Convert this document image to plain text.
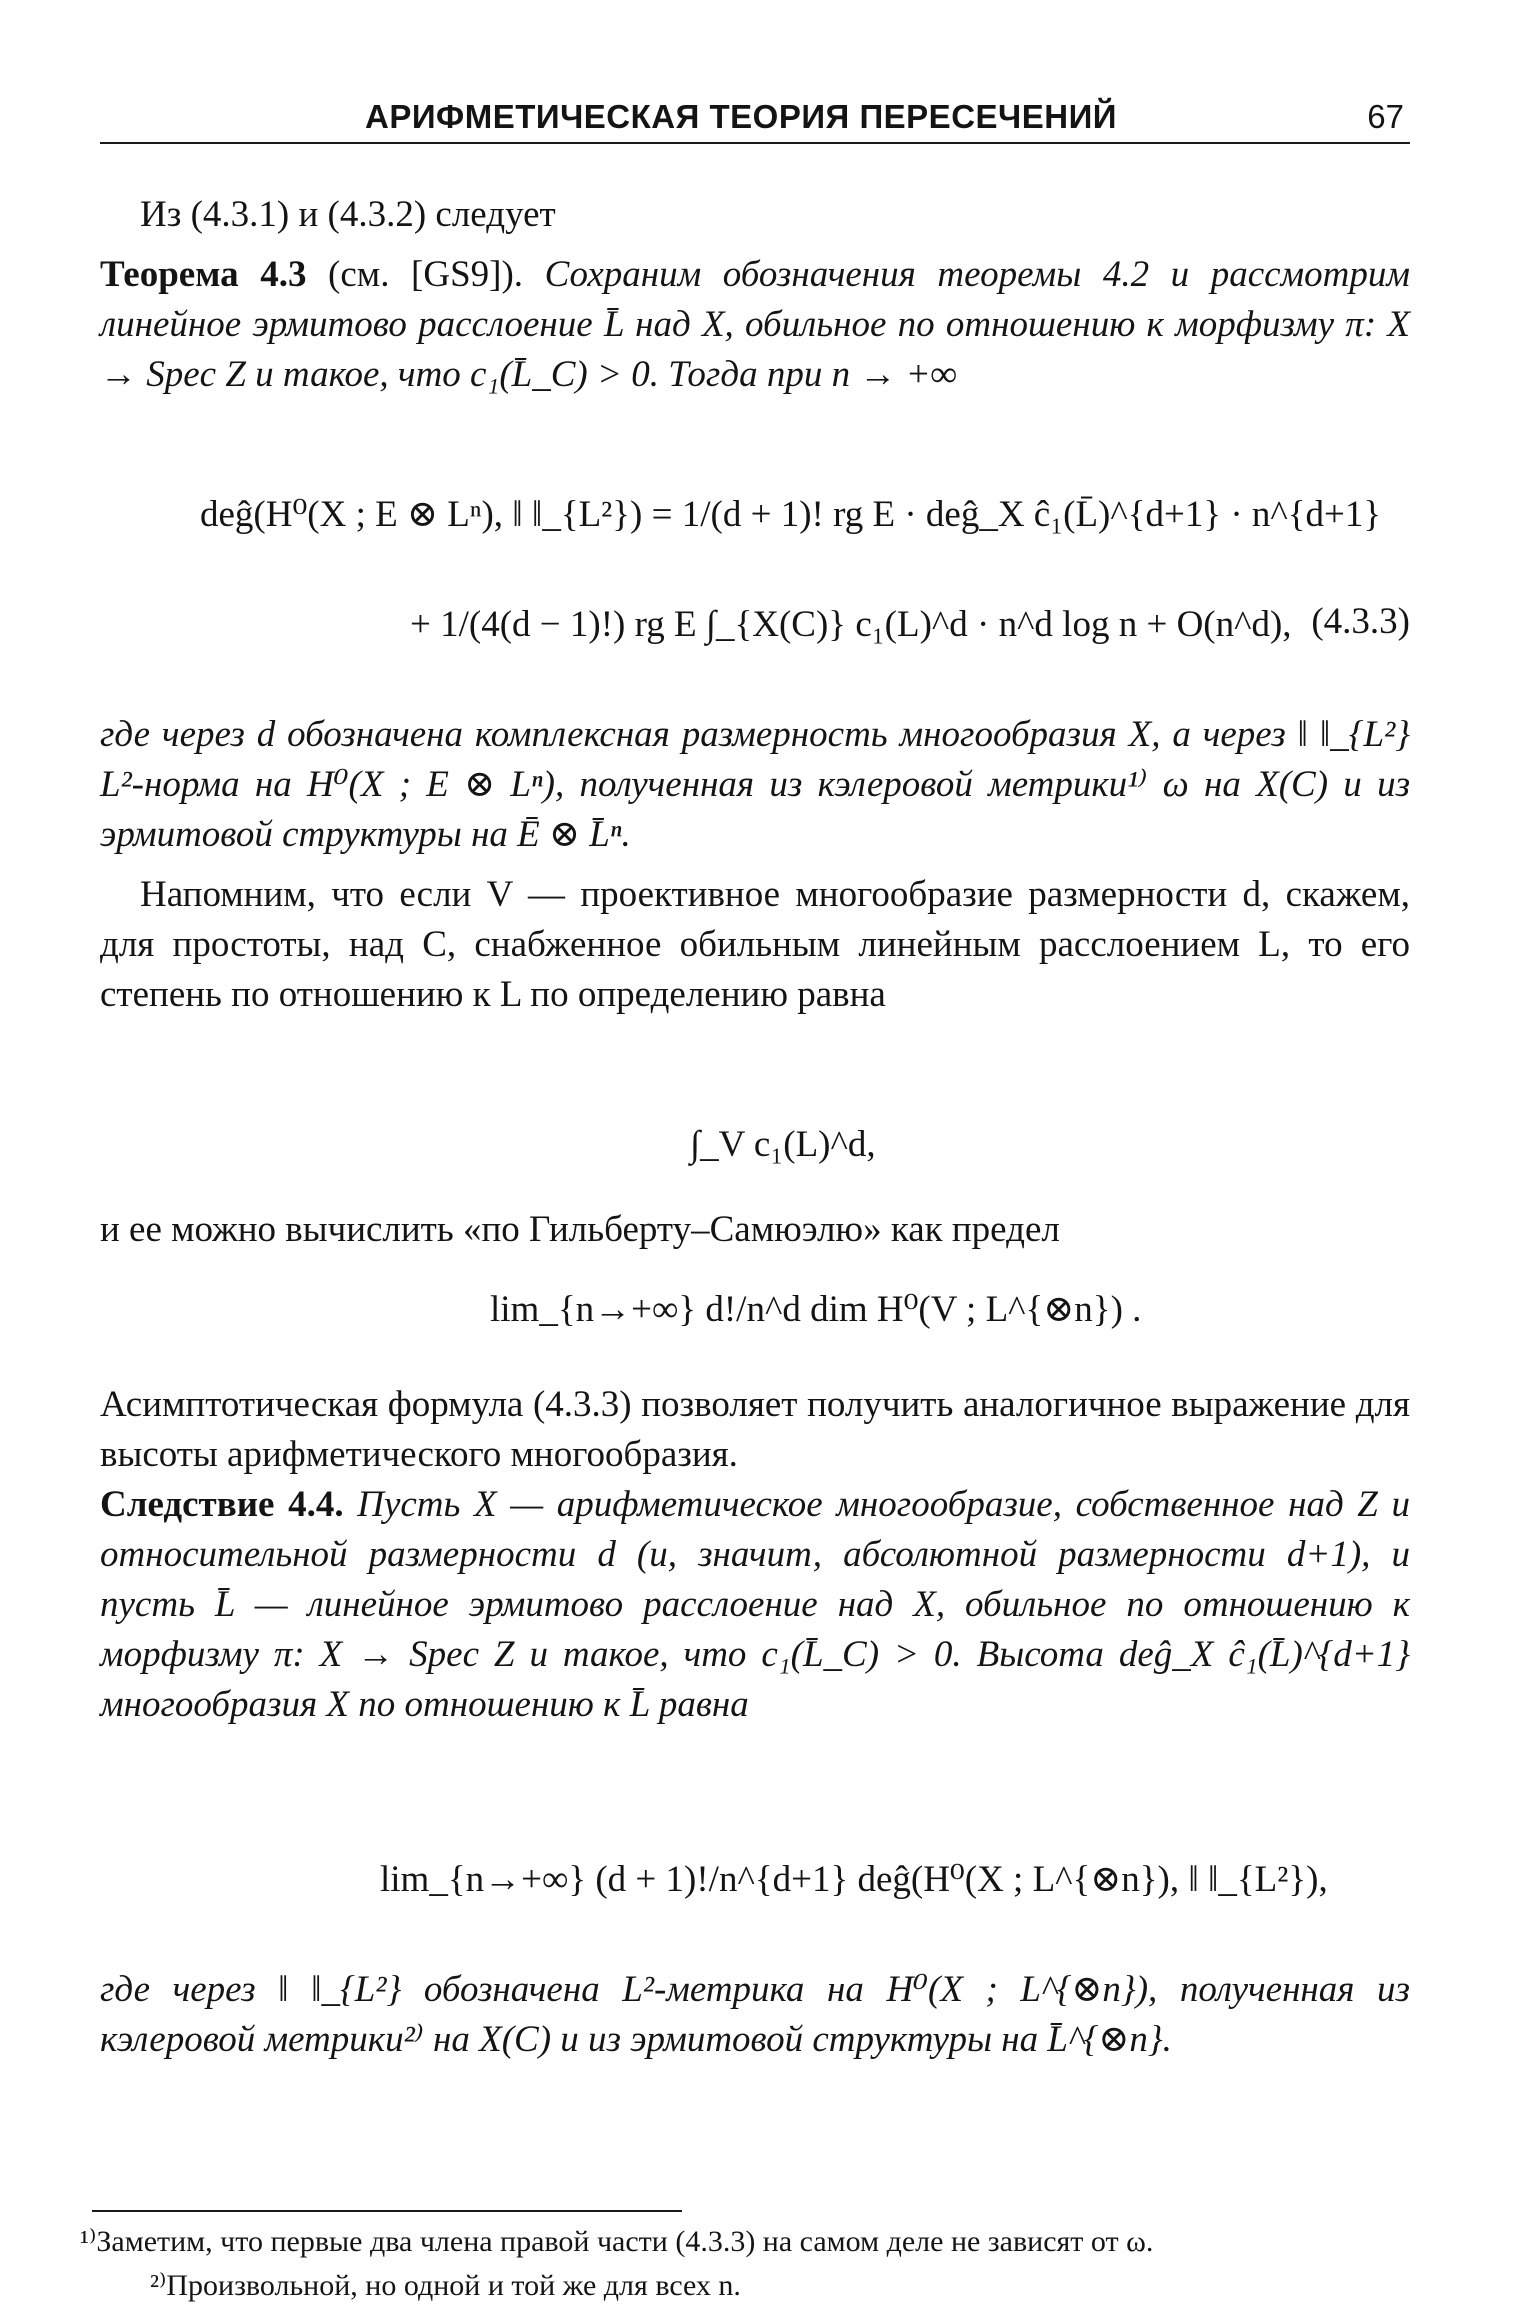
АРИФМЕТИЧЕСКАЯ ТЕОРИЯ ПЕРЕСЕЧЕНИЙ	67

Из (4.3.1) и (4.3.2) следует

Теорема 4.3 (см. [GS9]). Сохраним обозначения теоремы 4.2 и рассмотрим линейное эрмитово расслоение L̄ над X, обильное по отношению к морфизму π: X → Spec Z и такое, что c₁(L̄_C) > 0. Тогда при n → +∞

deĝ(H⁰(X ; E ⊗ Lⁿ), ‖ ‖_{L²}) = 1/(d + 1)! rg E · deĝ_X ĉ₁(L̄)^{d+1} · n^{d+1}
+ 1/(4(d − 1)!) rg E ∫_{X(C)} c₁(L)^d · n^d log n + O(n^d), (4.3.3)

где через d обозначена комплексная размерность многообразия X, а через ‖ ‖_{L²} L²-норма на H⁰(X ; E ⊗ Lⁿ), полученная из кэлеровой метрики¹⁾ ω на X(C) и из эрмитовой структуры на Ē ⊗ L̄ⁿ.

Напомним, что если V — проективное многообразие размерности d, скажем, для простоты, над C, снабженное обильным линейным расслоением L, то его степень по отношению к L по определению равна

∫_V c₁(L)^d,

и ее можно вычислить «по Гильберту–Самюэлю» как предел

lim_{n→+∞} d!/n^d dim H⁰(V ; L^{⊗n}) .

Асимптотическая формула (4.3.3) позволяет получить аналогичное выражение для высоты арифметического многообразия.

Следствие 4.4. Пусть X — арифметическое многообразие, собственное над Z и относительной размерности d (и, значит, абсолютной размерности d+1), и пусть L̄ — линейное эрмитово расслоение над X, обильное по отношению к морфизму π: X → Spec Z и такое, что c₁(L̄_C) > 0. Высота deĝ_X ĉ₁(L̄)^{d+1} многообразия X по отношению к L̄ равна

lim_{n→+∞} (d + 1)!/n^{d+1} deĝ(H⁰(X ; L^{⊗n}), ‖ ‖_{L²}),

где через ‖ ‖_{L²} обозначена L²-метрика на H⁰(X ; L^{⊗n}), полученная из кэлеровой метрики²⁾ на X(C) и из эрмитовой структуры на L̄^{⊗n}.

¹⁾Заметим, что первые два члена правой части (4.3.3) на самом деле не зависят от ω.

²⁾Произвольной, но одной и той же для всех n.
